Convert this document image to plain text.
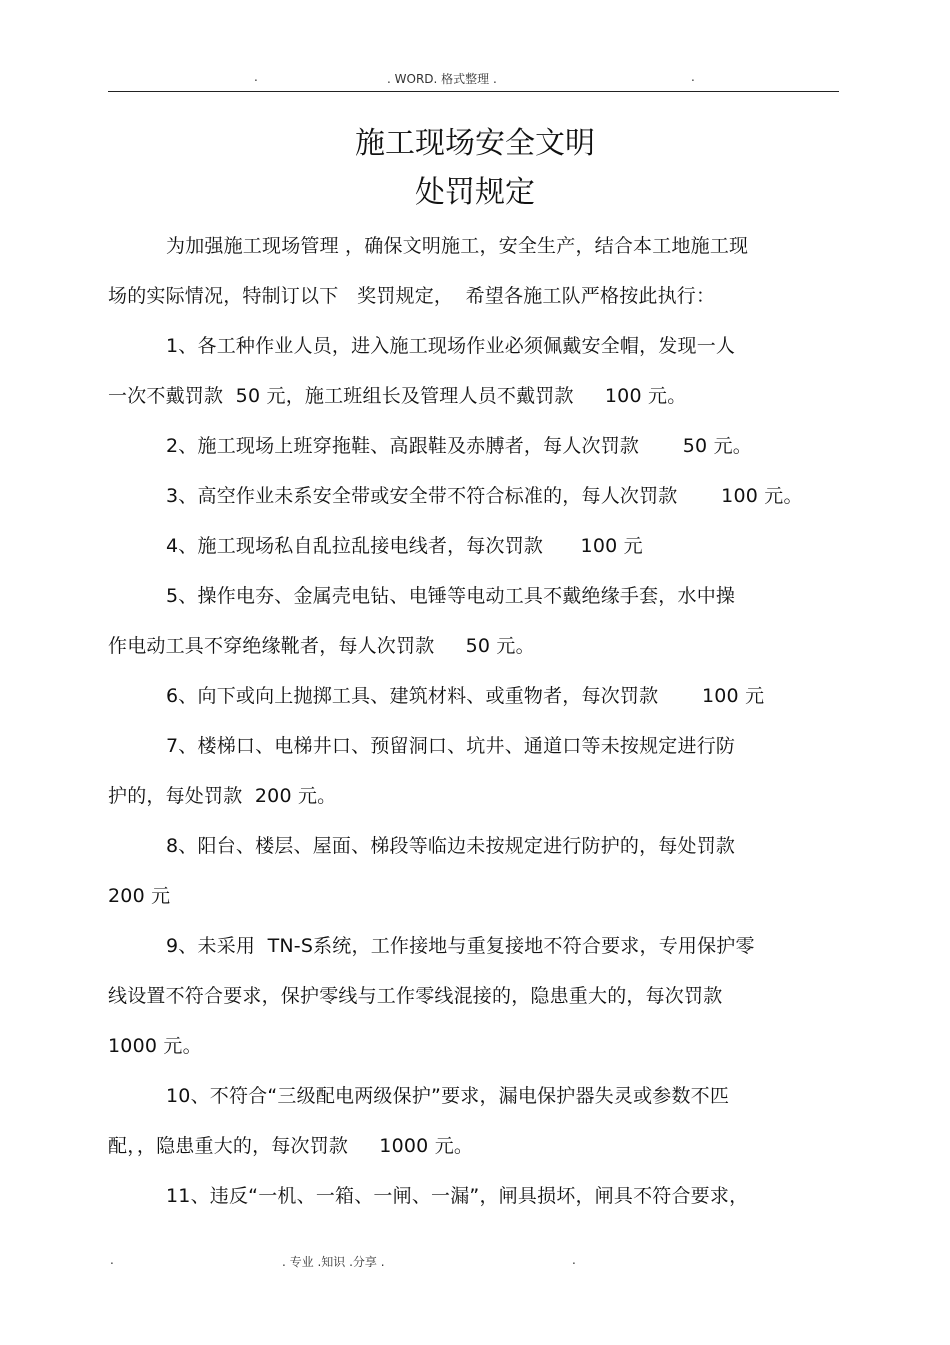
.	. WORD. 格式整理 .	.
施工现场安全文明
处罚规定
为加强施工现场管理 ，确保文明施工，安全生产，结合本工地施工现
场的实际情况，特制订以下   奖罚规定，  希望各施工队严格按此执行：
1、各工种作业人员，进入施工现场作业必须佩戴安全帽，发现一人
一次不戴罚款  50 元，施工班组长及管理人员不戴罚款     100 元。
2、施工现场上班穿拖鞋、高跟鞋及赤膊者，每人次罚款       50 元。
3、高空作业未系安全带或安全带不符合标准的，每人次罚款       100 元。
4、施工现场私自乱拉乱接电线者，每次罚款      100 元
5、操作电夯、金属壳电钻、电锤等电动工具不戴绝缘手套，水中操
作电动工具不穿绝缘靴者，每人次罚款     50 元。
6、向下或向上抛掷工具、建筑材料、或重物者，每次罚款       100 元
7、楼梯口、电梯井口、预留洞口、坑井、通道口等未按规定进行防
护的，每处罚款  200 元。
8、阳台、楼层、屋面、梯段等临边未按规定进行防护的，每处罚款
200 元
9、未采用  TN-S系统，工作接地与重复接地不符合要求，专用保护零
线设置不符合要求，保护零线与工作零线混接的，隐患重大的，每次罚款
1000 元。
10、不符合“三级配电两级保护”要求，漏电保护器失灵或参数不匹
配，，隐患重大的，每次罚款     1000 元。
11、违反“一机、一箱、一闸、一漏”，闸具损坏，闸具不符合要求，
.	. 专业 .知识 .分享 .	.
